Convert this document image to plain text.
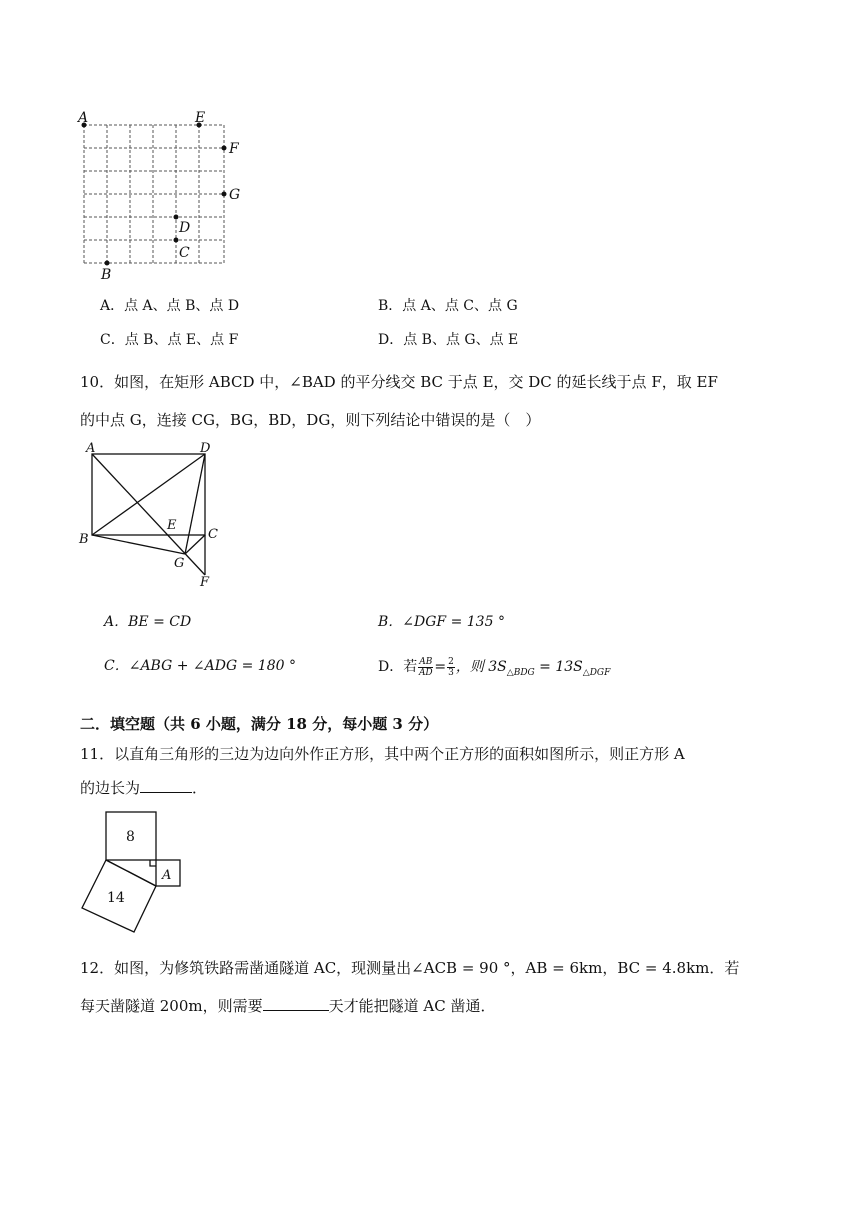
A	E
F
G
D
C
B
A．点 A、点 B、点 D	B．点 A、点 C、点 G
C．点 B、点 E、点 F	D．点 B、点 G、点 E
10．如图，在矩形 ABCD 中，∠BAD 的平分线交 BC 于点 E，交 DC 的延长线于点 F，取 EF
的中点 G，连接 CG，BG，BD，DG，则下列结论中错误的是（　）
A	D
B
E
C
G
F
A．BE = CD	B．∠DGF = 135 °
C．∠ABG + ∠ADG = 180 °	D．若 $\frac{AB}{AD} = \frac{2}{3}$ ，则 $3S_{\triangle BDG} = 13S_{\triangle DGF}$
二．填空题（共 6 小题，满分 18 分，每小题 3 分）
11．以直角三角形的三边为边向外作正方形，其中两个正方形的面积如图所示，则正方形 A
的边长为	．
8
14
A
12．如图，为修筑铁路需凿通隧道 AC，现测量出∠ACB = 90 °，AB = 6km，BC = 4.8km．若
每天凿隧道 200m，则需要	天才能把隧道 AC 凿通．
